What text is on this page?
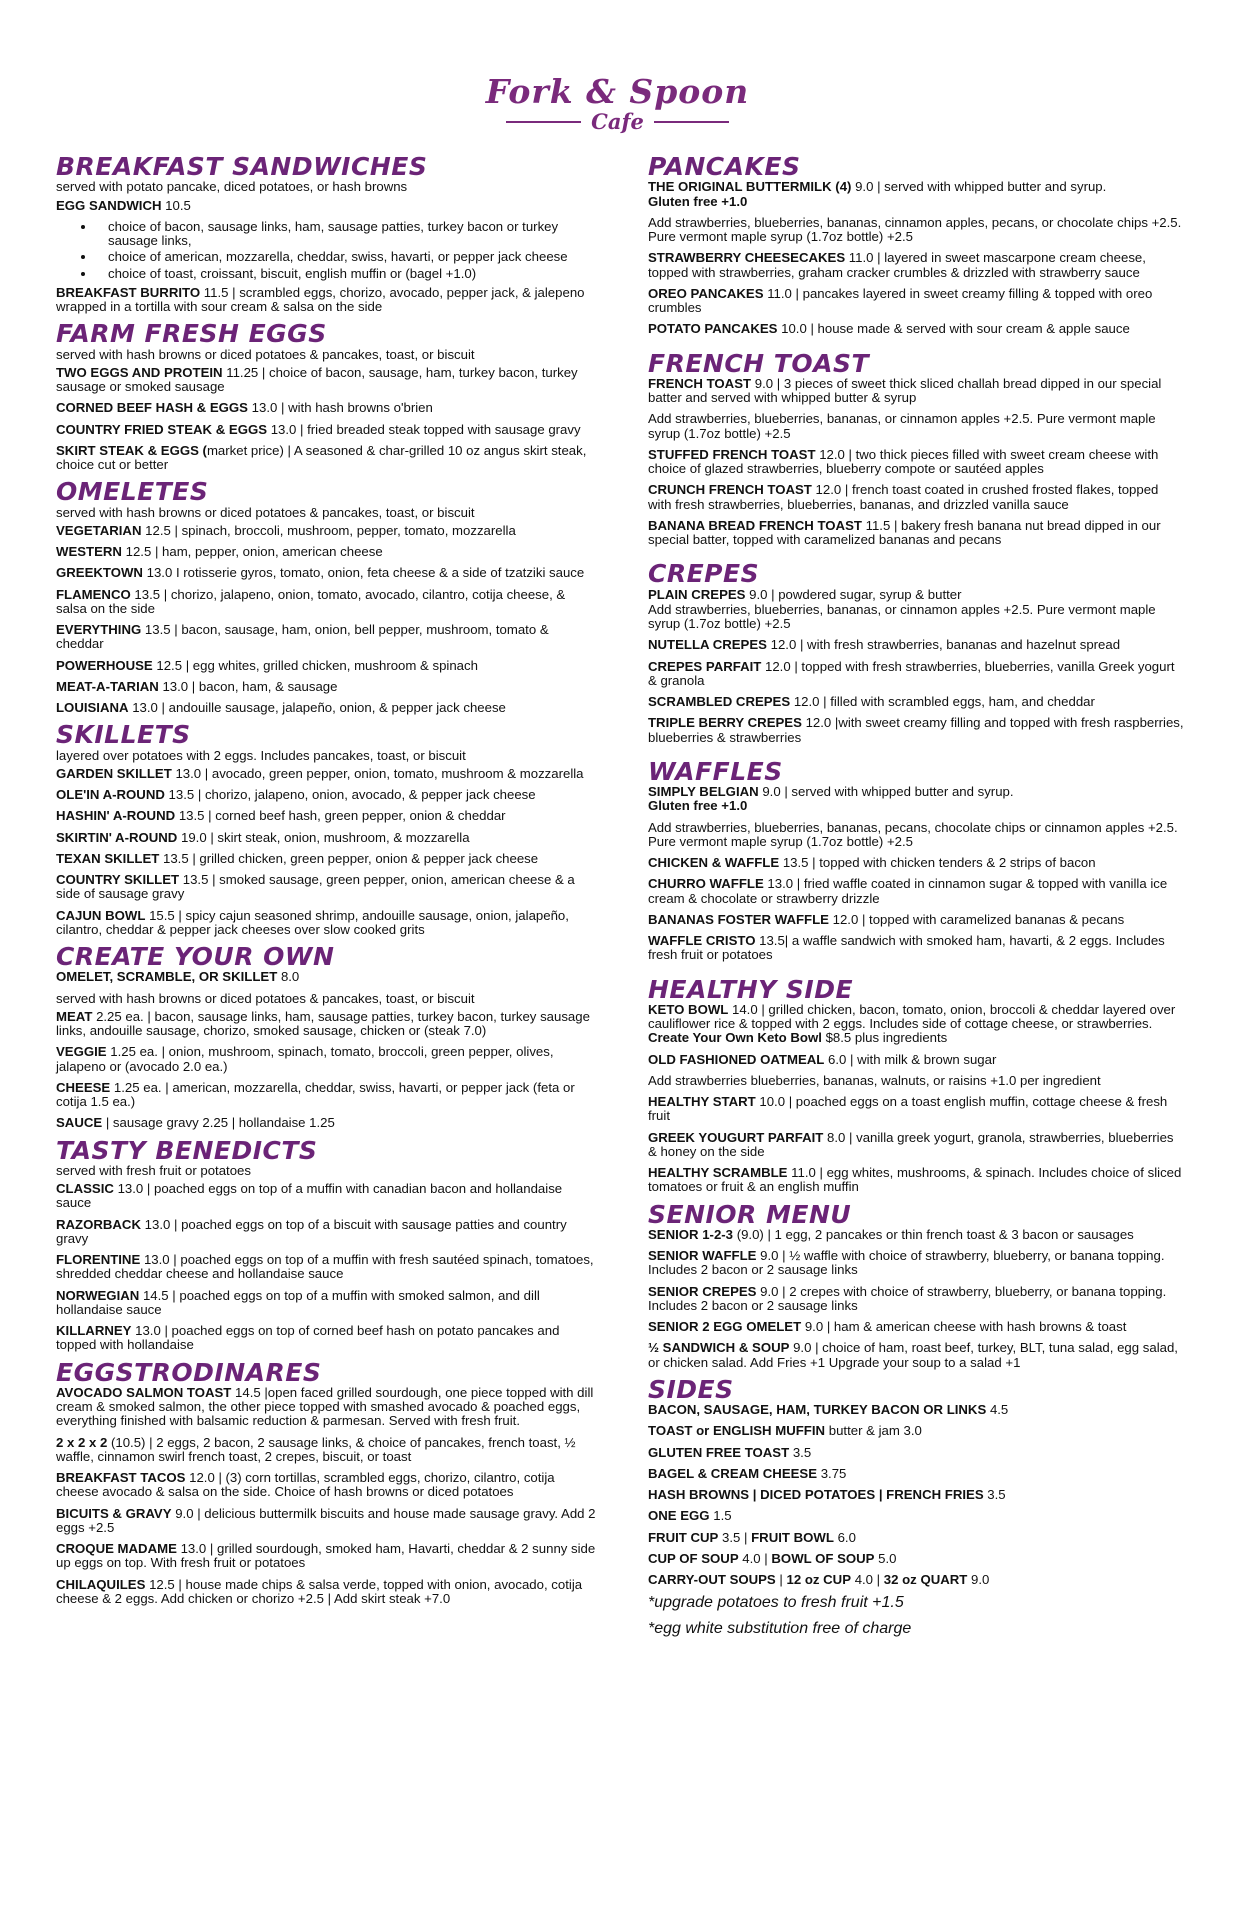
Fork & Spoon
Cafe
BREAKFAST SANDWICHES
served with potato pancake, diced potatoes, or hash browns
EGG SANDWICH 10.5
• choice of bacon, sausage links, ham, sausage patties, turkey bacon or turkey sausage links,
• choice of american, mozzarella, cheddar, swiss, havarti, or pepper jack cheese
• choice of toast, croissant, biscuit, english muffin or (bagel +1.0)
BREAKFAST BURRITO 11.5 | scrambled eggs, chorizo, avocado, pepper jack, & jalepeno wrapped in a tortilla with sour cream & salsa on the side
FARM FRESH EGGS
served with hash browns or diced potatoes & pancakes, toast, or biscuit
TWO EGGS AND PROTEIN 11.25 | choice of bacon, sausage, ham, turkey bacon, turkey sausage or smoked sausage
CORNED BEEF HASH & EGGS 13.0 | with hash browns o'brien
COUNTRY FRIED STEAK & EGGS 13.0 | fried breaded steak topped with sausage gravy
SKIRT STEAK & EGGS (market price) | A seasoned & char-grilled 10 oz angus skirt steak, choice cut or better
OMELETES
served with hash browns or diced potatoes & pancakes, toast, or biscuit
VEGETARIAN 12.5 | spinach, broccoli, mushroom, pepper, tomato, mozzarella
WESTERN 12.5 | ham, pepper, onion, american cheese
GREEKTOWN 13.0 I rotisserie gyros, tomato, onion, feta cheese & a side of tzatziki sauce
FLAMENCO 13.5 | chorizo, jalapeno, onion, tomato, avocado, cilantro, cotija cheese, & salsa on the side
EVERYTHING 13.5 | bacon, sausage, ham, onion, bell pepper, mushroom, tomato & cheddar
POWERHOUSE 12.5 | egg whites, grilled chicken, mushroom & spinach
MEAT-A-TARIAN 13.0 | bacon, ham, & sausage
LOUISIANA 13.0 | andouille sausage, jalapeño, onion, & pepper jack cheese
SKILLETS
layered over potatoes with 2 eggs. Includes pancakes, toast, or biscuit
GARDEN SKILLET 13.0 | avocado, green pepper, onion, tomato, mushroom & mozzarella
OLE'IN A-ROUND 13.5 | chorizo, jalapeno, onion, avocado, & pepper jack cheese
HASHIN' A-ROUND 13.5 | corned beef hash, green pepper, onion & cheddar
SKIRTIN' A-ROUND 19.0 | skirt steak, onion, mushroom, & mozzarella
TEXAN SKILLET 13.5 | grilled chicken, green pepper, onion & pepper jack cheese
COUNTRY SKILLET 13.5 | smoked sausage, green pepper, onion, american cheese & a side of sausage gravy
CAJUN BOWL 15.5 | spicy cajun seasoned shrimp, andouille sausage, onion, jalapeño, cilantro, cheddar & pepper jack cheeses over slow cooked grits
CREATE YOUR OWN
OMELET, SCRAMBLE, OR SKILLET 8.0
served with hash browns or diced potatoes & pancakes, toast, or biscuit
MEAT 2.25 ea. | bacon, sausage links, ham, sausage patties, turkey bacon, turkey sausage links, andouille sausage, chorizo, smoked sausage, chicken or (steak 7.0)
VEGGIE 1.25 ea. | onion, mushroom, spinach, tomato, broccoli, green pepper, olives, jalapeno or (avocado 2.0 ea.)
CHEESE 1.25 ea. | american, mozzarella, cheddar, swiss, havarti, or pepper jack (feta or cotija 1.5 ea.)
SAUCE | sausage gravy 2.25 | hollandaise 1.25
TASTY BENEDICTS
served with fresh fruit or potatoes
CLASSIC 13.0 | poached eggs on top of a muffin with canadian bacon and hollandaise sauce
RAZORBACK 13.0 | poached eggs on top of a biscuit with sausage patties and country gravy
FLORENTINE 13.0 | poached eggs on top of a muffin with fresh sautéed spinach, tomatoes, shredded cheddar cheese and hollandaise sauce
NORWEGIAN 14.5 | poached eggs on top of a muffin with smoked salmon, and dill hollandaise sauce
KILLARNEY 13.0 | poached eggs on top of corned beef hash on potato pancakes and topped with hollandaise
EGGSTRODINARES
AVOCADO SALMON TOAST 14.5 |open faced grilled sourdough, one piece topped with dill cream & smoked salmon, the other piece topped with smashed avocado & poached eggs, everything finished with balsamic reduction & parmesan. Served with fresh fruit.
2 x 2 x 2 (10.5) | 2 eggs, 2 bacon, 2 sausage links, & choice of pancakes, french toast, ½ waffle, cinnamon swirl french toast, 2 crepes, biscuit, or toast
BREAKFAST TACOS 12.0 | (3) corn tortillas, scrambled eggs, chorizo, cilantro, cotija cheese avocado & salsa on the side. Choice of hash browns or diced potatoes
BICUITS & GRAVY 9.0 | delicious buttermilk biscuits and house made sausage gravy. Add 2 eggs +2.5
CROQUE MADAME 13.0 | grilled sourdough, smoked ham, Havarti, cheddar & 2 sunny side up eggs on top. With fresh fruit or potatoes
CHILAQUILES 12.5 | house made chips & salsa verde, topped with onion, avocado, cotija cheese & 2 eggs. Add chicken or chorizo +2.5 | Add skirt steak +7.0
PANCAKES
THE ORIGINAL BUTTERMILK (4) 9.0 | served with whipped butter and syrup.
Gluten free +1.0
Add strawberries, blueberries, bananas, cinnamon apples, pecans, or chocolate chips +2.5. Pure vermont maple syrup (1.7oz bottle) +2.5
STRAWBERRY CHEESECAKES 11.0 | layered in sweet mascarpone cream cheese, topped with strawberries, graham cracker crumbles & drizzled with strawberry sauce
OREO PANCAKES 11.0 | pancakes layered in sweet creamy filling & topped with oreo crumbles
POTATO PANCAKES 10.0 | house made & served with sour cream & apple sauce
FRENCH TOAST
FRENCH TOAST 9.0 | 3 pieces of sweet thick sliced challah bread dipped in our special batter and served with whipped butter & syrup
Add strawberries, blueberries, bananas, or cinnamon apples +2.5. Pure vermont maple syrup (1.7oz bottle) +2.5
STUFFED FRENCH TOAST 12.0 | two thick pieces filled with sweet cream cheese with choice of glazed strawberries, blueberry compote or sautéed apples
CRUNCH FRENCH TOAST 12.0 | french toast coated in crushed frosted flakes, topped with fresh strawberries, blueberries, bananas, and drizzled vanilla sauce
BANANA BREAD FRENCH TOAST 11.5 | bakery fresh banana nut bread dipped in our special batter, topped with caramelized bananas and pecans
CREPES
PLAIN CREPES 9.0 | powdered sugar, syrup & butter
Add strawberries, blueberries, bananas, or cinnamon apples +2.5. Pure vermont maple syrup (1.7oz bottle) +2.5
NUTELLA CREPES 12.0 | with fresh strawberries, bananas and hazelnut spread
CREPES PARFAIT 12.0 | topped with fresh strawberries, blueberries, vanilla Greek yogurt & granola
SCRAMBLED CREPES 12.0 | filled with scrambled eggs, ham, and cheddar
TRIPLE BERRY CREPES 12.0 |with sweet creamy filling and topped with fresh raspberries, blueberries & strawberries
WAFFLES
SIMPLY BELGIAN 9.0 | served with whipped butter and syrup.
Gluten free +1.0
Add strawberries, blueberries, bananas, pecans, chocolate chips or cinnamon apples +2.5. Pure vermont maple syrup (1.7oz bottle) +2.5
CHICKEN & WAFFLE 13.5 | topped with chicken tenders & 2 strips of bacon
CHURRO WAFFLE 13.0 | fried waffle coated in cinnamon sugar & topped with vanilla ice cream & chocolate or strawberry drizzle
BANANAS FOSTER WAFFLE 12.0 | topped with caramelized bananas & pecans
WAFFLE CRISTO 13.5| a waffle sandwich with smoked ham, havarti, & 2 eggs. Includes fresh fruit or potatoes
HEALTHY SIDE
KETO BOWL 14.0 | grilled chicken, bacon, tomato, onion, broccoli & cheddar layered over cauliflower rice & topped with 2 eggs. Includes side of cottage cheese, or strawberries. Create Your Own Keto Bowl $8.5 plus ingredients
OLD FASHIONED OATMEAL 6.0 | with milk & brown sugar
Add strawberries blueberries, bananas, walnuts, or raisins +1.0 per ingredient
HEALTHY START 10.0 | poached eggs on a toast english muffin, cottage cheese & fresh fruit
GREEK YOUGURT PARFAIT 8.0 | vanilla greek yogurt, granola, strawberries, blueberries & honey on the side
HEALTHY SCRAMBLE 11.0 | egg whites, mushrooms, & spinach. Includes choice of sliced tomatoes or fruit & an english muffin
SENIOR MENU
SENIOR 1-2-3 (9.0) | 1 egg, 2 pancakes or thin french toast & 3 bacon or sausages
SENIOR WAFFLE 9.0 | ½ waffle with choice of strawberry, blueberry, or banana topping. Includes 2 bacon or 2 sausage links
SENIOR CREPES 9.0 | 2 crepes with choice of strawberry, blueberry, or banana topping. Includes 2 bacon or 2 sausage links
SENIOR 2 EGG OMELET 9.0 | ham & american cheese with hash browns & toast
½ SANDWICH & SOUP 9.0 | choice of ham, roast beef, turkey, BLT, tuna salad, egg salad, or chicken salad. Add Fries +1 Upgrade your soup to a salad +1
SIDES
BACON, SAUSAGE, HAM, TURKEY BACON OR LINKS 4.5
TOAST or ENGLISH MUFFIN butter & jam 3.0
GLUTEN FREE TOAST 3.5
BAGEL & CREAM CHEESE 3.75
HASH BROWNS | DICED POTATOES | FRENCH FRIES 3.5
ONE EGG 1.5
FRUIT CUP 3.5 | FRUIT BOWL 6.0
CUP OF SOUP 4.0 | BOWL OF SOUP 5.0
CARRY-OUT SOUPS | 12 oz CUP 4.0 | 32 oz QUART 9.0
*upgrade potatoes to fresh fruit +1.5
*egg white substitution free of charge
